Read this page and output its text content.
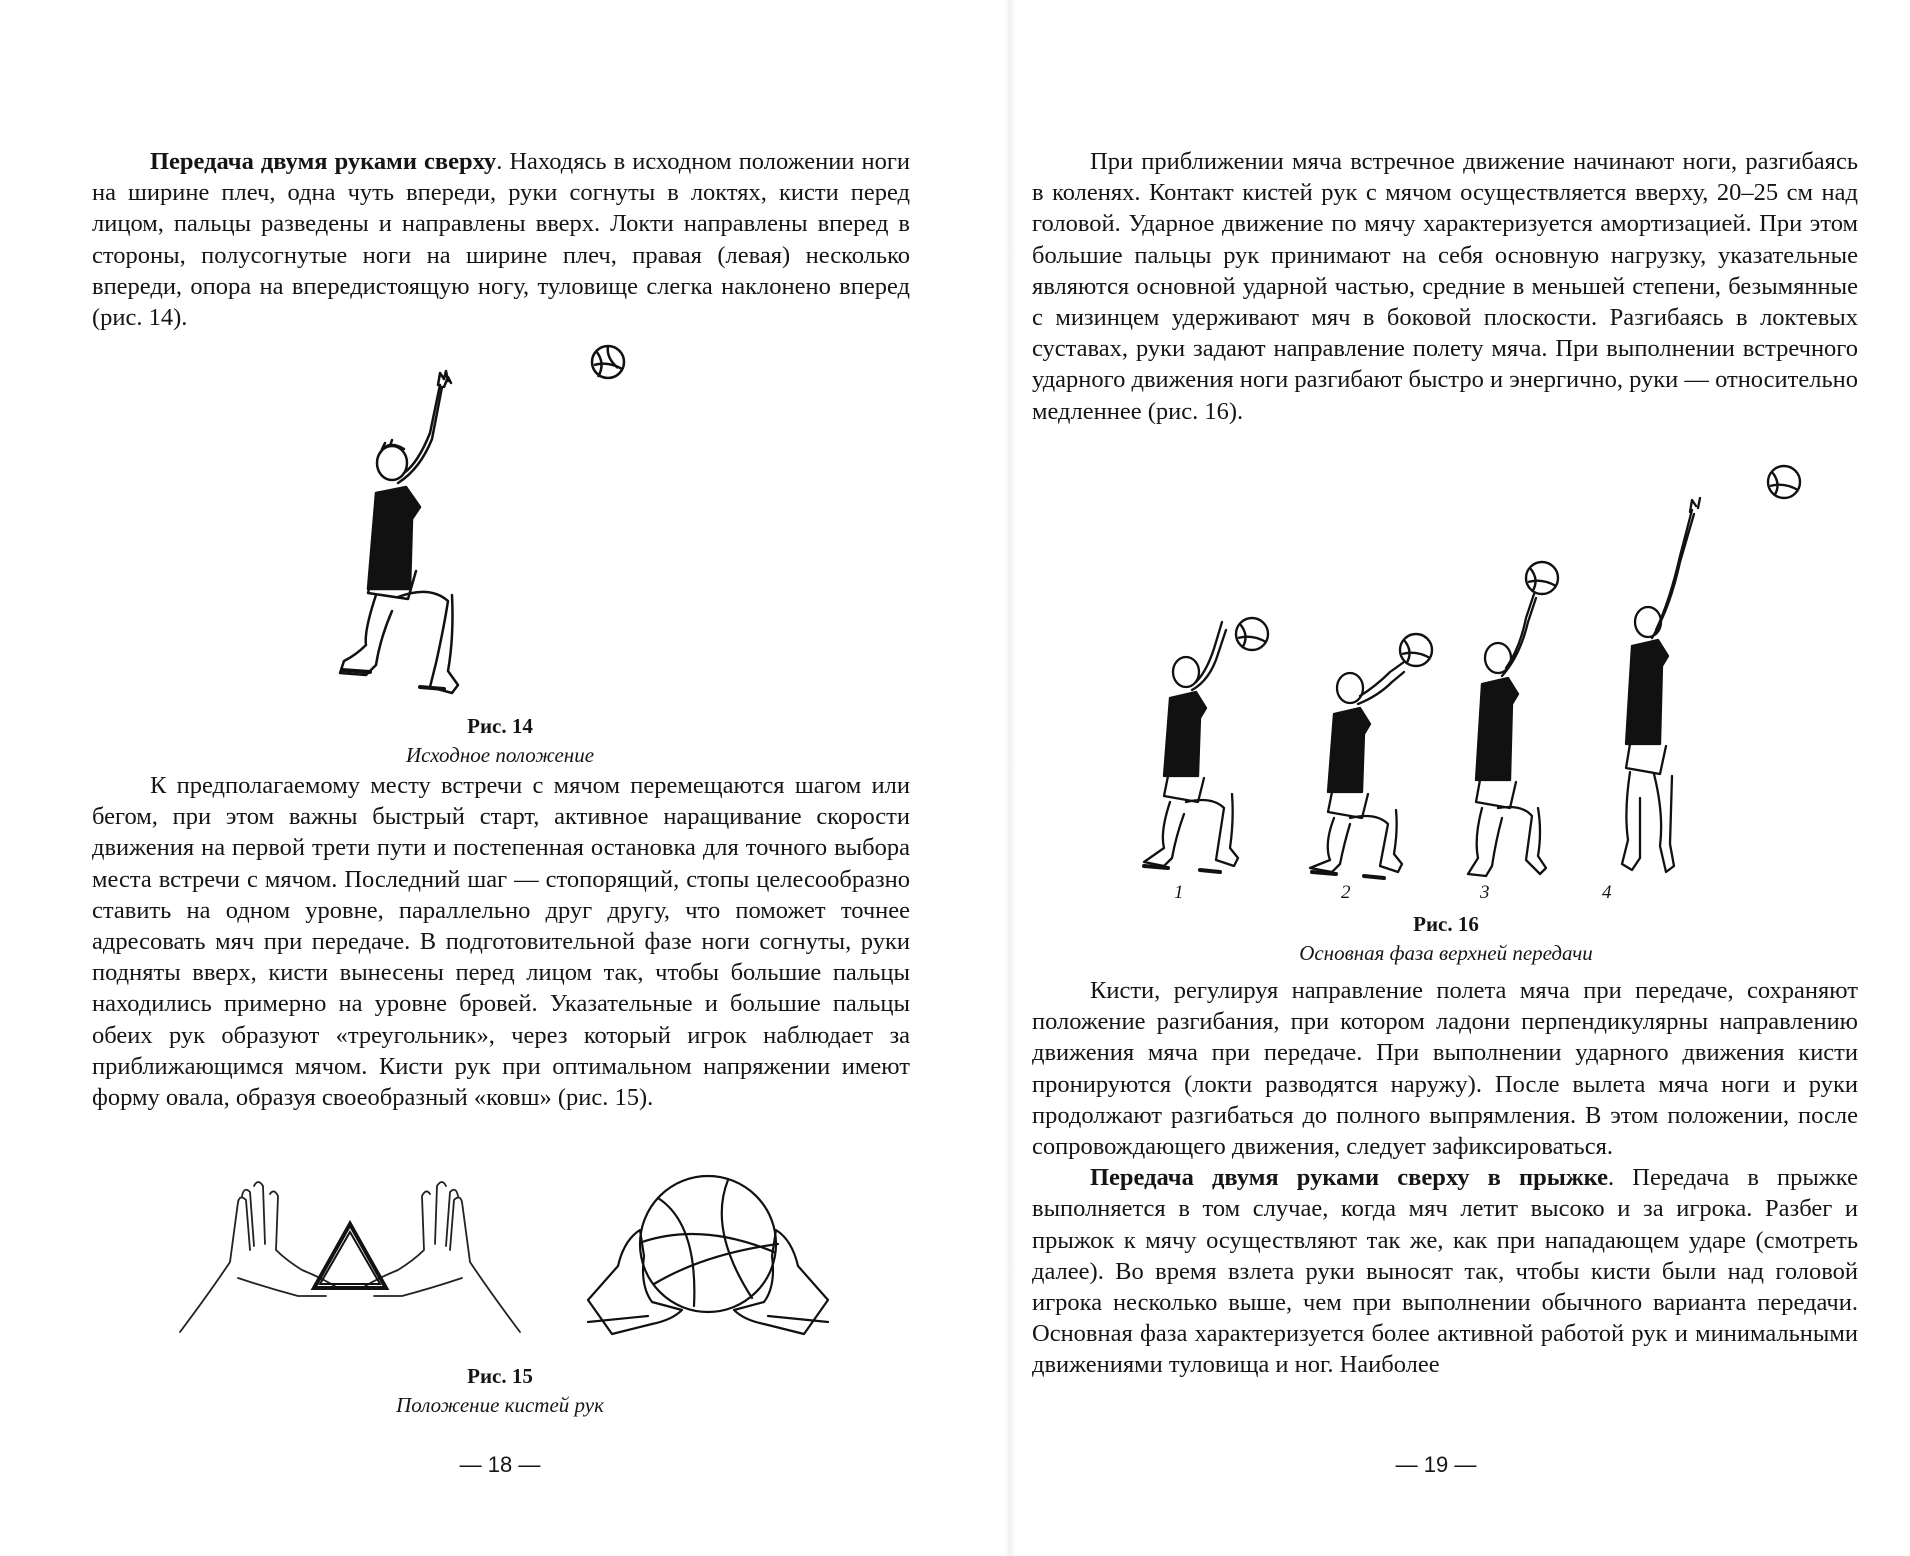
Передача двумя руками сверху. Находясь в исходном положении ноги на ширине плеч, одна чуть впереди, руки согнуты в локтях, кисти перед лицом, пальцы разведены и направлены вверх. Локти направлены вперед в стороны, полусогнутые ноги на ширине плеч, правая (левая) несколько впереди, опора на впередистоящую ногу, туловище слегка наклонено вперед (рис. 14).

Рис. 14
Исходное положение

К предполагаемому месту встречи с мячом перемещаются шагом или бегом, при этом важны быстрый старт, активное наращивание скорости движения на первой трети пути и постепенная остановка для точного выбора места встречи с мячом. Последний шаг — стопорящий, стопы целесообразно ставить на одном уровне, параллельно друг другу, что поможет точнее адресовать мяч при передаче. В подготовительной фазе ноги согнуты, руки подняты вверх, кисти вынесены перед лицом так, чтобы большие пальцы находились примерно на уровне бровей. Указательные и большие пальцы обеих рук образуют «треугольник», через который игрок наблюдает за приближающимся мячом. Кисти рук при оптимальном напряжении имеют форму овала, образуя своеобразный «ковш» (рис. 15).

Рис. 15
Положение кистей рук
— 18 —

При приближении мяча встречное движение начинают ноги, разгибаясь в коленях. Контакт кистей рук с мячом осуществляется вверху, 20–25 см над головой. Ударное движение по мячу характеризуется амортизацией. При этом большие пальцы рук принимают на себя основную нагрузку, указательные являются основной ударной частью, средние в меньшей степени, безымянные с мизинцем удерживают мяч в боковой плоскости. Разгибаясь в локтевых суставах, руки задают направление полету мяча. При выполнении встречного ударного движения ноги разгибают быстро и энергично, руки — относительно медленнее (рис. 16).

1	2	3	4
Рис. 16
Основная фаза верхней передачи

Кисти, регулируя направление полета мяча при передаче, сохраняют положение разгибания, при котором ладони перпендикулярны направлению движения мяча при передаче. При выполнении ударного движения кисти пронируются (локти разводятся наружу). После вылета мяча ноги и руки продолжают разгибаться до полного выпрямления. В этом положении, после сопровождающего движения, следует зафиксироваться.

Передача двумя руками сверху в прыжке. Передача в прыжке выполняется в том случае, когда мяч летит высоко и за игрока. Разбег и прыжок к мячу осуществляют так же, как при нападающем ударе (смотреть далее). Во время взлета руки выносят так, чтобы кисти были над головой игрока несколько выше, чем при выполнении обычного варианта передачи. Основная фаза характеризуется более активной работой рук и минимальными движениями туловища и ног. Наиболее

— 19 —
